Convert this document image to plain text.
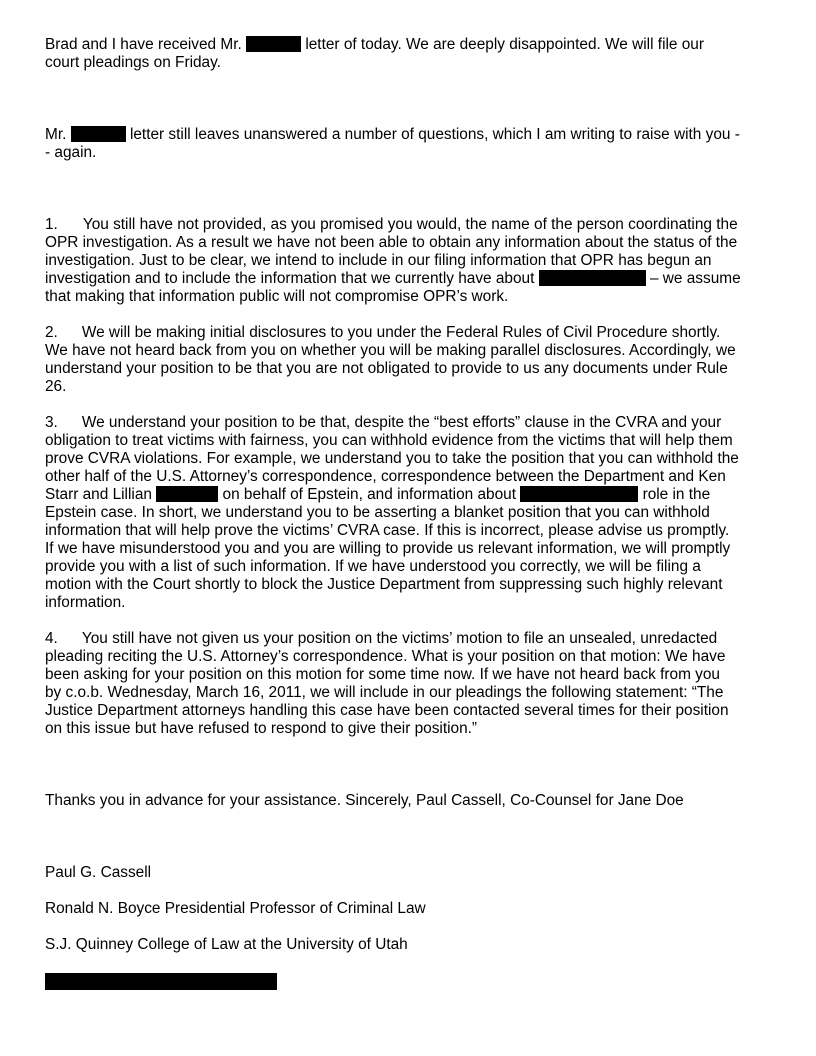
Brad and I have received Mr.	letter of today. We are deeply disappointed. We will file our
court pleadings on Friday.
Mr.	letter still leaves unanswered a number of questions, which I am writing to raise with you -
- again.
1. You still have not provided, as you promised you would, the name of the person coordinating the
OPR investigation. As a result we have not been able to obtain any information about the status of the
investigation. Just to be clear, we intend to include in our filing information that OPR has begun an
investigation and to include the information that we currently have about	– we assume
that making that information public will not compromise OPR’s work.
2. We will be making initial disclosures to you under the Federal Rules of Civil Procedure shortly.
We have not heard back from you on whether you will be making parallel disclosures. Accordingly, we
understand your position to be that you are not obligated to provide to us any documents under Rule
26.
3. We understand your position to be that, despite the “best efforts” clause in the CVRA and your
obligation to treat victims with fairness, you can withhold evidence from the victims that will help them
prove CVRA violations. For example, we understand you to take the position that you can withhold the
other half of the U.S. Attorney’s correspondence, correspondence between the Department and Ken
Starr and Lillian	on behalf of Epstein, and information about	role in the
Epstein case. In short, we understand you to be asserting a blanket position that you can withhold
information that will help prove the victims’ CVRA case. If this is incorrect, please advise us promptly.
If we have misunderstood you and you are willing to provide us relevant information, we will promptly
provide you with a list of such information. If we have understood you correctly, we will be filing a
motion with the Court shortly to block the Justice Department from suppressing such highly relevant
information.
4. You still have not given us your position on the victims’ motion to file an unsealed, unredacted
pleading reciting the U.S. Attorney’s correspondence. What is your position on that motion: We have
been asking for your position on this motion for some time now. If we have not heard back from you
by c.o.b. Wednesday, March 16, 2011, we will include in our pleadings the following statement: “The
Justice Department attorneys handling this case have been contacted several times for their position
on this issue but have refused to respond to give their position.”
Thanks you in advance for your assistance. Sincerely, Paul Cassell, Co-Counsel for Jane Doe
Paul G. Cassell
Ronald N. Boyce Presidential Professor of Criminal Law
S.J. Quinney College of Law at the University of Utah
